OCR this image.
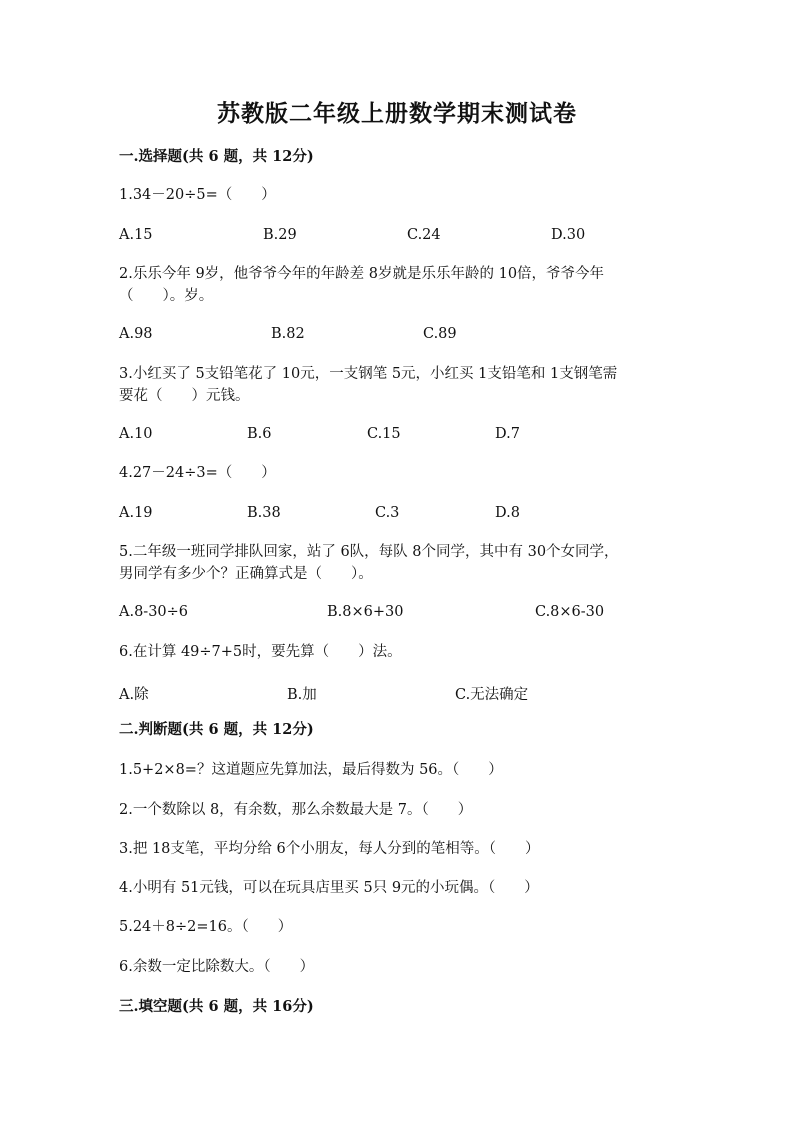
苏教版二年级上册数学期末测试卷
一.选择题(共 6 题，共 12分)
1.34－20÷5=（　　）
A.15	B.29	C.24	D.30
2.乐乐今年 9岁，他爷爷今年的年龄差 8岁就是乐乐年龄的 10倍，爷爷今年
（　　）。岁。
A.98	B.82	C.89
3.小红买了 5支铅笔花了 10元，一支钢笔 5元，小红买 1支铅笔和 1支钢笔需
要花（　　）元钱。
A.10	B.6	C.15	D.7
4.27－24÷3=（　　）
A.19	B.38	C.3	D.8
5.二年级一班同学排队回家，站了 6队，每队 8个同学，其中有 30个女同学，
男同学有多少个？正确算式是（　　）。
A.8-30÷6	B.8×6+30	C.8×6-30
6.在计算 49÷7+5时，要先算（　　）法。
A.除	B.加	C.无法确定
二.判断题(共 6 题，共 12分)
1.5+2×8=？这道题应先算加法，最后得数为 56。（　　）
2.一个数除以 8，有余数，那么余数最大是 7。（　　）
3.把 18支笔，平均分给 6个小朋友，每人分到的笔相等。（　　）
4.小明有 51元钱，可以在玩具店里买 5只 9元的小玩偶。（　　）
5.24＋8÷2=16。（　　）
6.余数一定比除数大。（　　）
三.填空题(共 6 题，共 16分)
